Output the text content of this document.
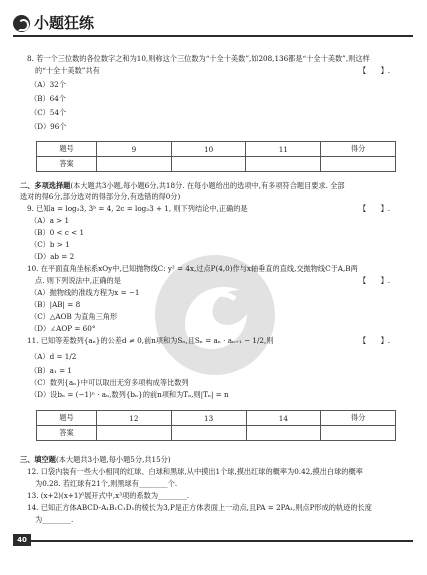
小题狂练
8. 若一个三位数的各位数字之和为10,则称这个三位数为“十全十美数”,如208,136都是“十全十美数”,则这样
的“十全十美数”共有	【　　】.
（A）32个
（B）64个
（C）54个
（D）96个
题号	9	10	11	得分
答案				
二、多项选择题(本大题共3小题,每小题6分,共18分. 在每小题给出的选项中,有多项符合题目要求. 全部
选对的得6分,部分选对的得部分分,有选错的得0分)
9. 已知a = log₃3, 3ᵇ = 4, 2c = log₂3 + 1, 则下列结论中,正确的是	【　　】.
（A）a > 1
（B）0 < c < 1
（C）b > 1
（D）ab = 2
10. 在平面直角坐标系xOy中,已知抛物线C: y² = 4x,过点P(4,0)作与x轴垂直的直线,交抛物线C于A,B两
点. 则下列说法中,正确的是	【　　】.
（A）抛物线的准线方程为x = −1
（B）|AB| = 8
（C）△AOB 为直角三角形
（D）∠AOP = 60°
11. 已知等差数列{aₙ}的公差d ≠ 0,前n项和为Sₙ,且Sₙ = aₙ · aₙ₊₁ − 1/2,则	【　　】.
（A）d = 1/2
（B）a₁ = 1
（C）数列{aₙ}中可以取出无穷多项构成等比数列
（D）设bₙ = (−1)ⁿ · aₙ,数列{bₙ}的前n项和为Tₙ,则|Tₙ| = n
题号	12	13	14	得分
答案				
三、填空题(本大题共3小题,每小题5分,共15分)
12. 口袋内装有一些大小相同的红球、白球和黑球,从中摸出1个球,摸出红球的概率为0.42,摸出白球的概率
为0.28. 若红球有21个,则黑球有________个.
13. (x+2)(x+1)⁶展开式中,x³项的系数为________.
14. 已知正方体ABCD-A₁B₁C₁D₁的棱长为3,P是正方体表面上一动点,且PA = 2PA₁,则点P形成的轨迹的长度
为________.
40
